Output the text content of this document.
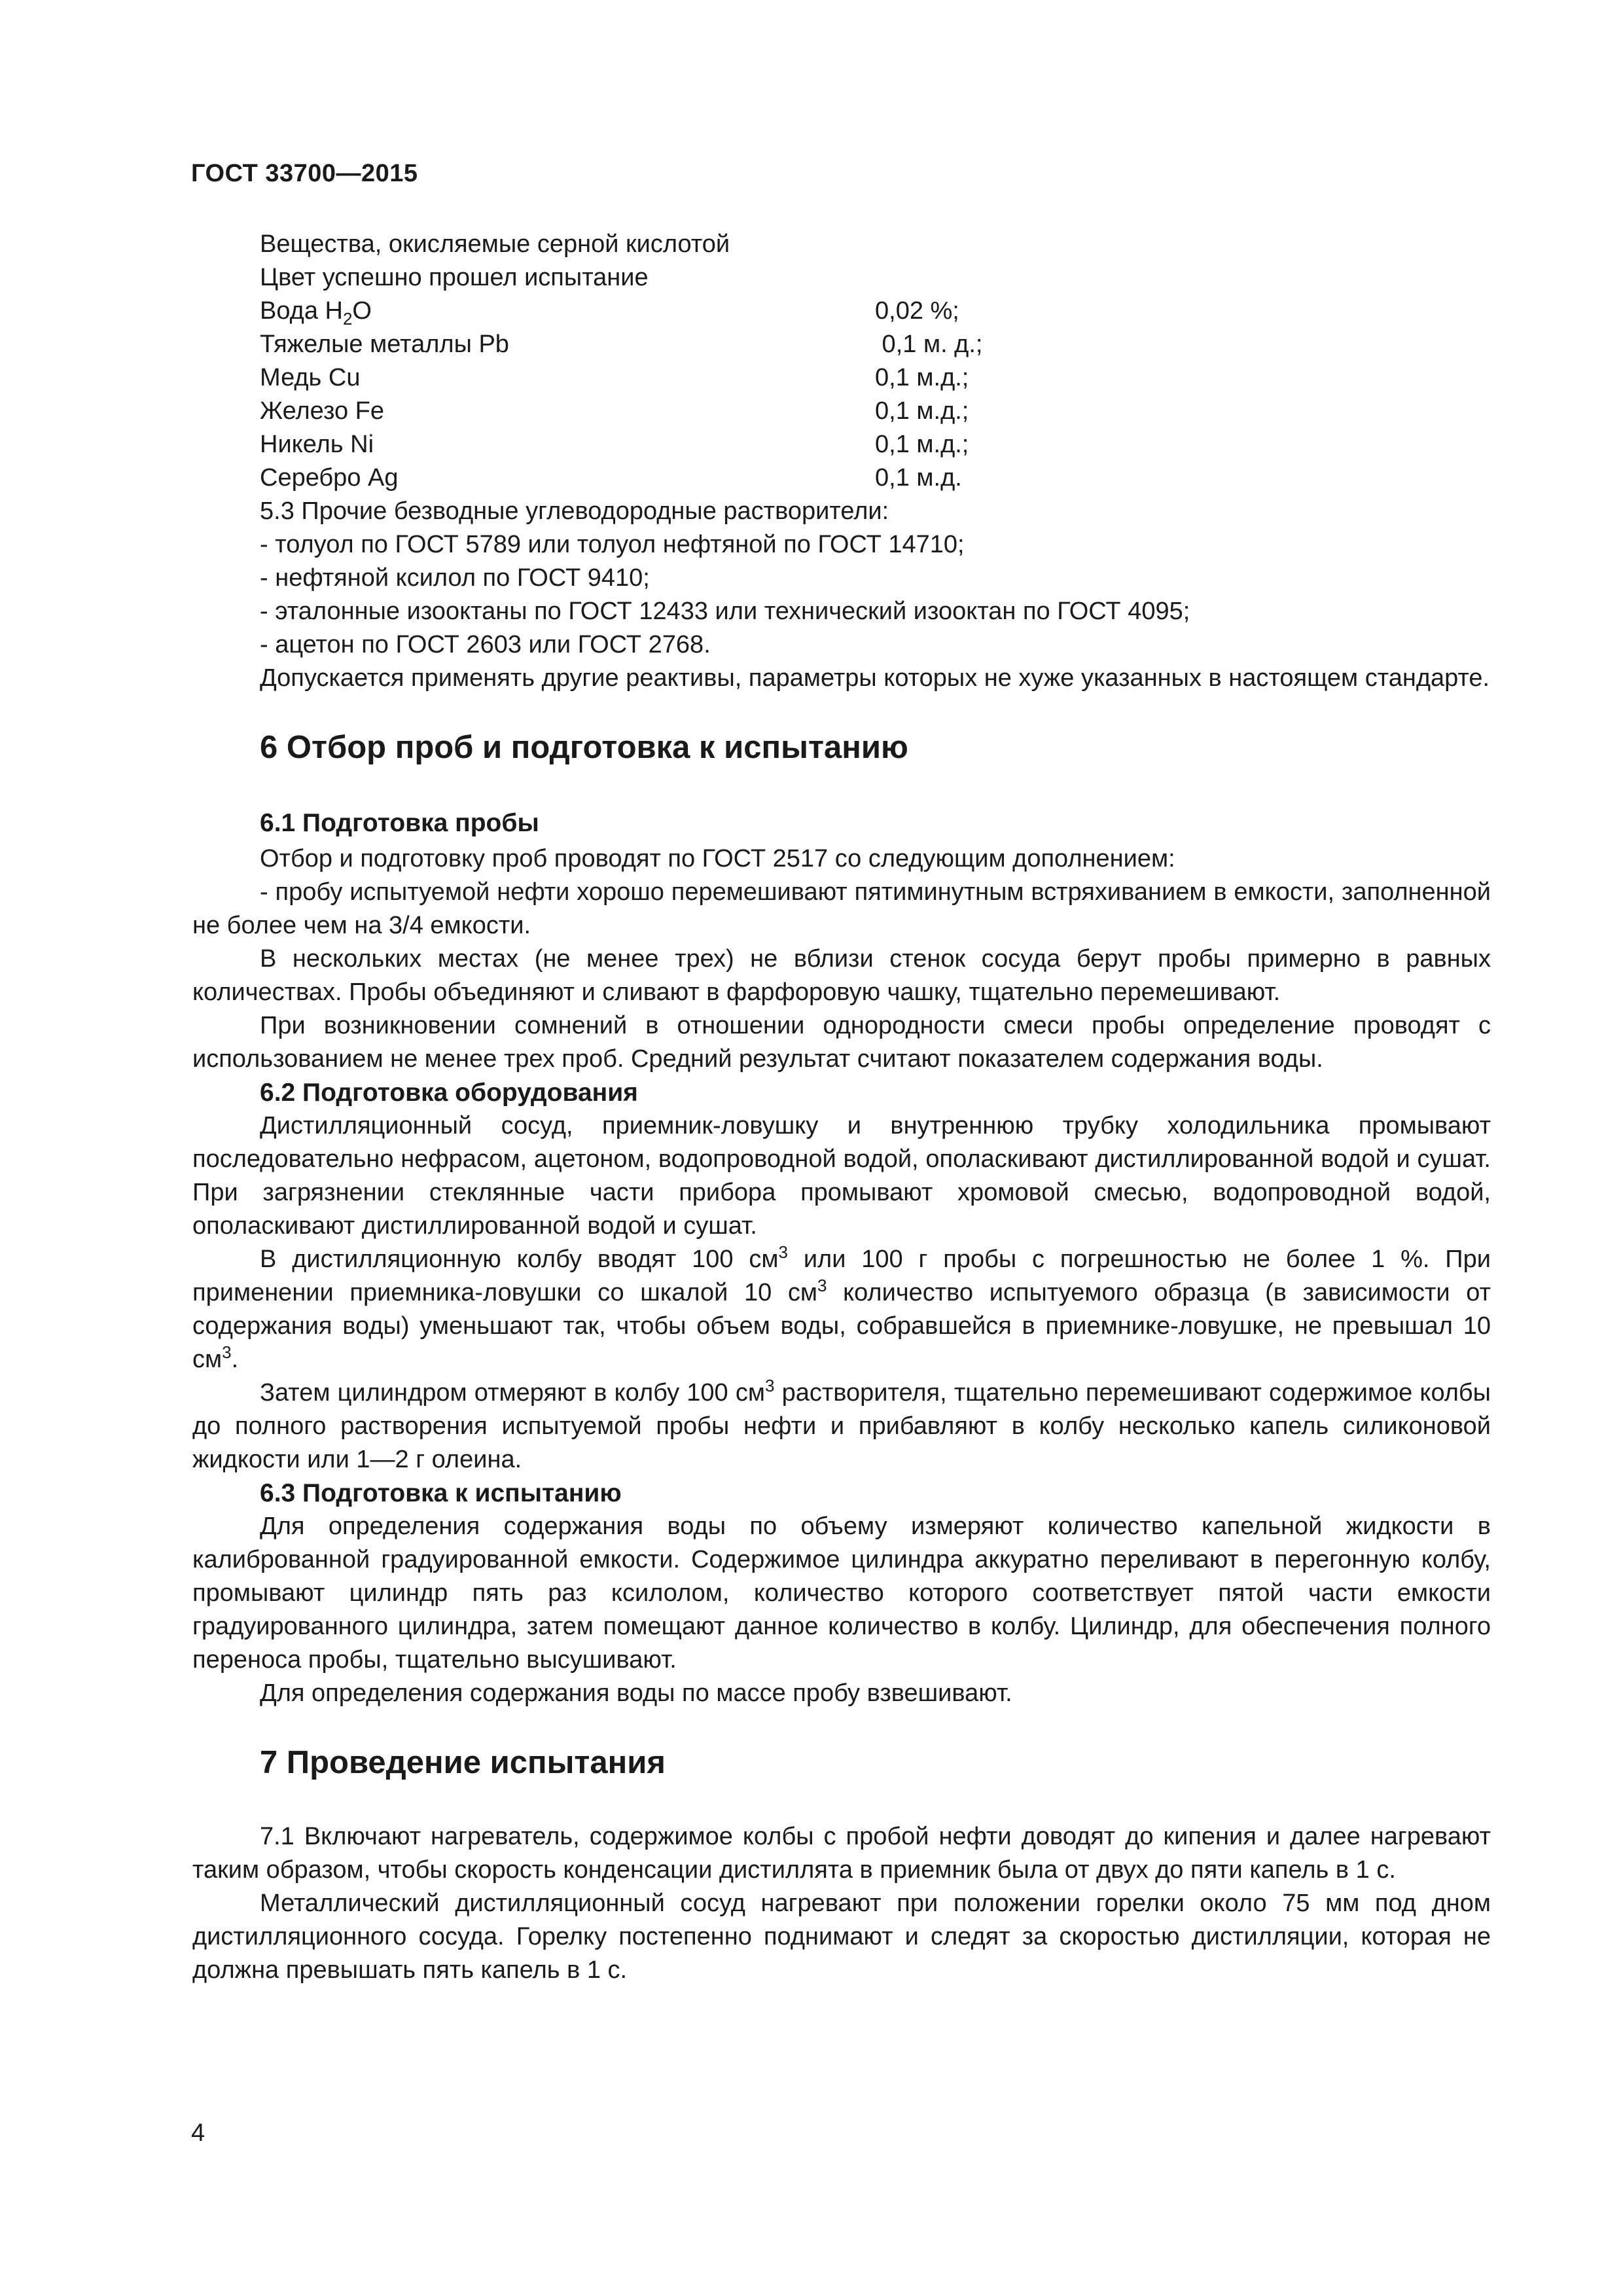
ГОСТ 33700—2015

Вещества, окисляемые серной кислотой

Цвет успешно прошел испытание

Вода $H_2O$	0,02 %;
Тяжелые металлы Pb	0,1 м. д.;
Медь Cu	0,1 м.д.;
Железо Fe	0,1 м.д.;
Никель Ni	0,1 м.д.;
Серебро Ag	0,1 м.д.

5.3 Прочие безводные углеводородные растворители:

- толуол по ГОСТ 5789 или толуол нефтяной по ГОСТ 14710;

- нефтяной ксилол по ГОСТ 9410;

- эталонные изооктаны по ГОСТ 12433 или технический изооктан по ГОСТ 4095;

- ацетон по ГОСТ 2603 или ГОСТ 2768.

Допускается применять другие реактивы, параметры которых не хуже указанных в настоящем стандарте.

6 Отбор проб и подготовка к испытанию
6.1 Подготовка пробы

Отбор и подготовку проб проводят по ГОСТ 2517 со следующим дополнением:

- пробу испытуемой нефти хорошо перемешивают пятиминутным встряхиванием в емкости, заполненной не более чем на 3/4 емкости.

В нескольких местах (не менее трех) не вблизи стенок сосуда берут пробы примерно в равных количествах. Пробы объединяют и сливают в фарфоровую чашку, тщательно перемешивают.

При возникновении сомнений в отношении однородности смеси пробы определение проводят с использованием не менее трех проб. Средний результат считают показателем содержания воды.

6.2 Подготовка оборудования

Дистилляционный сосуд, приемник-ловушку и внутреннюю трубку холодильника промывают последовательно нефрасом, ацетоном, водопроводной водой, ополаскивают дистиллированной водой и сушат. При загрязнении стеклянные части прибора промывают хромовой смесью, водопроводной водой, ополаскивают дистиллированной водой и сушат.

В дистилляционную колбу вводят 100 $см^3$ или 100 г пробы с погрешностью не более 1 %. При применении приемника-ловушки со шкалой 10 $см^3$ количество испытуемого образца (в зависимости от содержания воды) уменьшают так, чтобы объем воды, собравшейся в приемнике-ловушке, не превышал 10 $см^3$.

Затем цилиндром отмеряют в колбу 100 $см^3$ растворителя, тщательно перемешивают содержимое колбы до полного растворения испытуемой пробы нефти и прибавляют в колбу несколько капель силиконовой жидкости или 1—2 г олеина.

6.3 Подготовка к испытанию

Для определения содержания воды по объему измеряют количество капельной жидкости в калиброванной градуированной емкости. Содержимое цилиндра аккуратно переливают в перегонную колбу, промывают цилиндр пять раз ксилолом, количество которого соответствует пятой части емкости градуированного цилиндра, затем помещают данное количество в колбу. Цилиндр, для обеспечения полного переноса пробы, тщательно высушивают.

Для определения содержания воды по массе пробу взвешивают.

7 Проведение испытания

7.1 Включают нагреватель, содержимое колбы с пробой нефти доводят до кипения и далее нагревают таким образом, чтобы скорость конденсации дистиллята в приемник была от двух до пяти капель в 1 с.

Металлический дистилляционный сосуд нагревают при положении горелки около 75 мм под дном дистилляционного сосуда. Горелку постепенно поднимают и следят за скоростью дистилляции, которая не должна превышать пять капель в 1 с.

4
